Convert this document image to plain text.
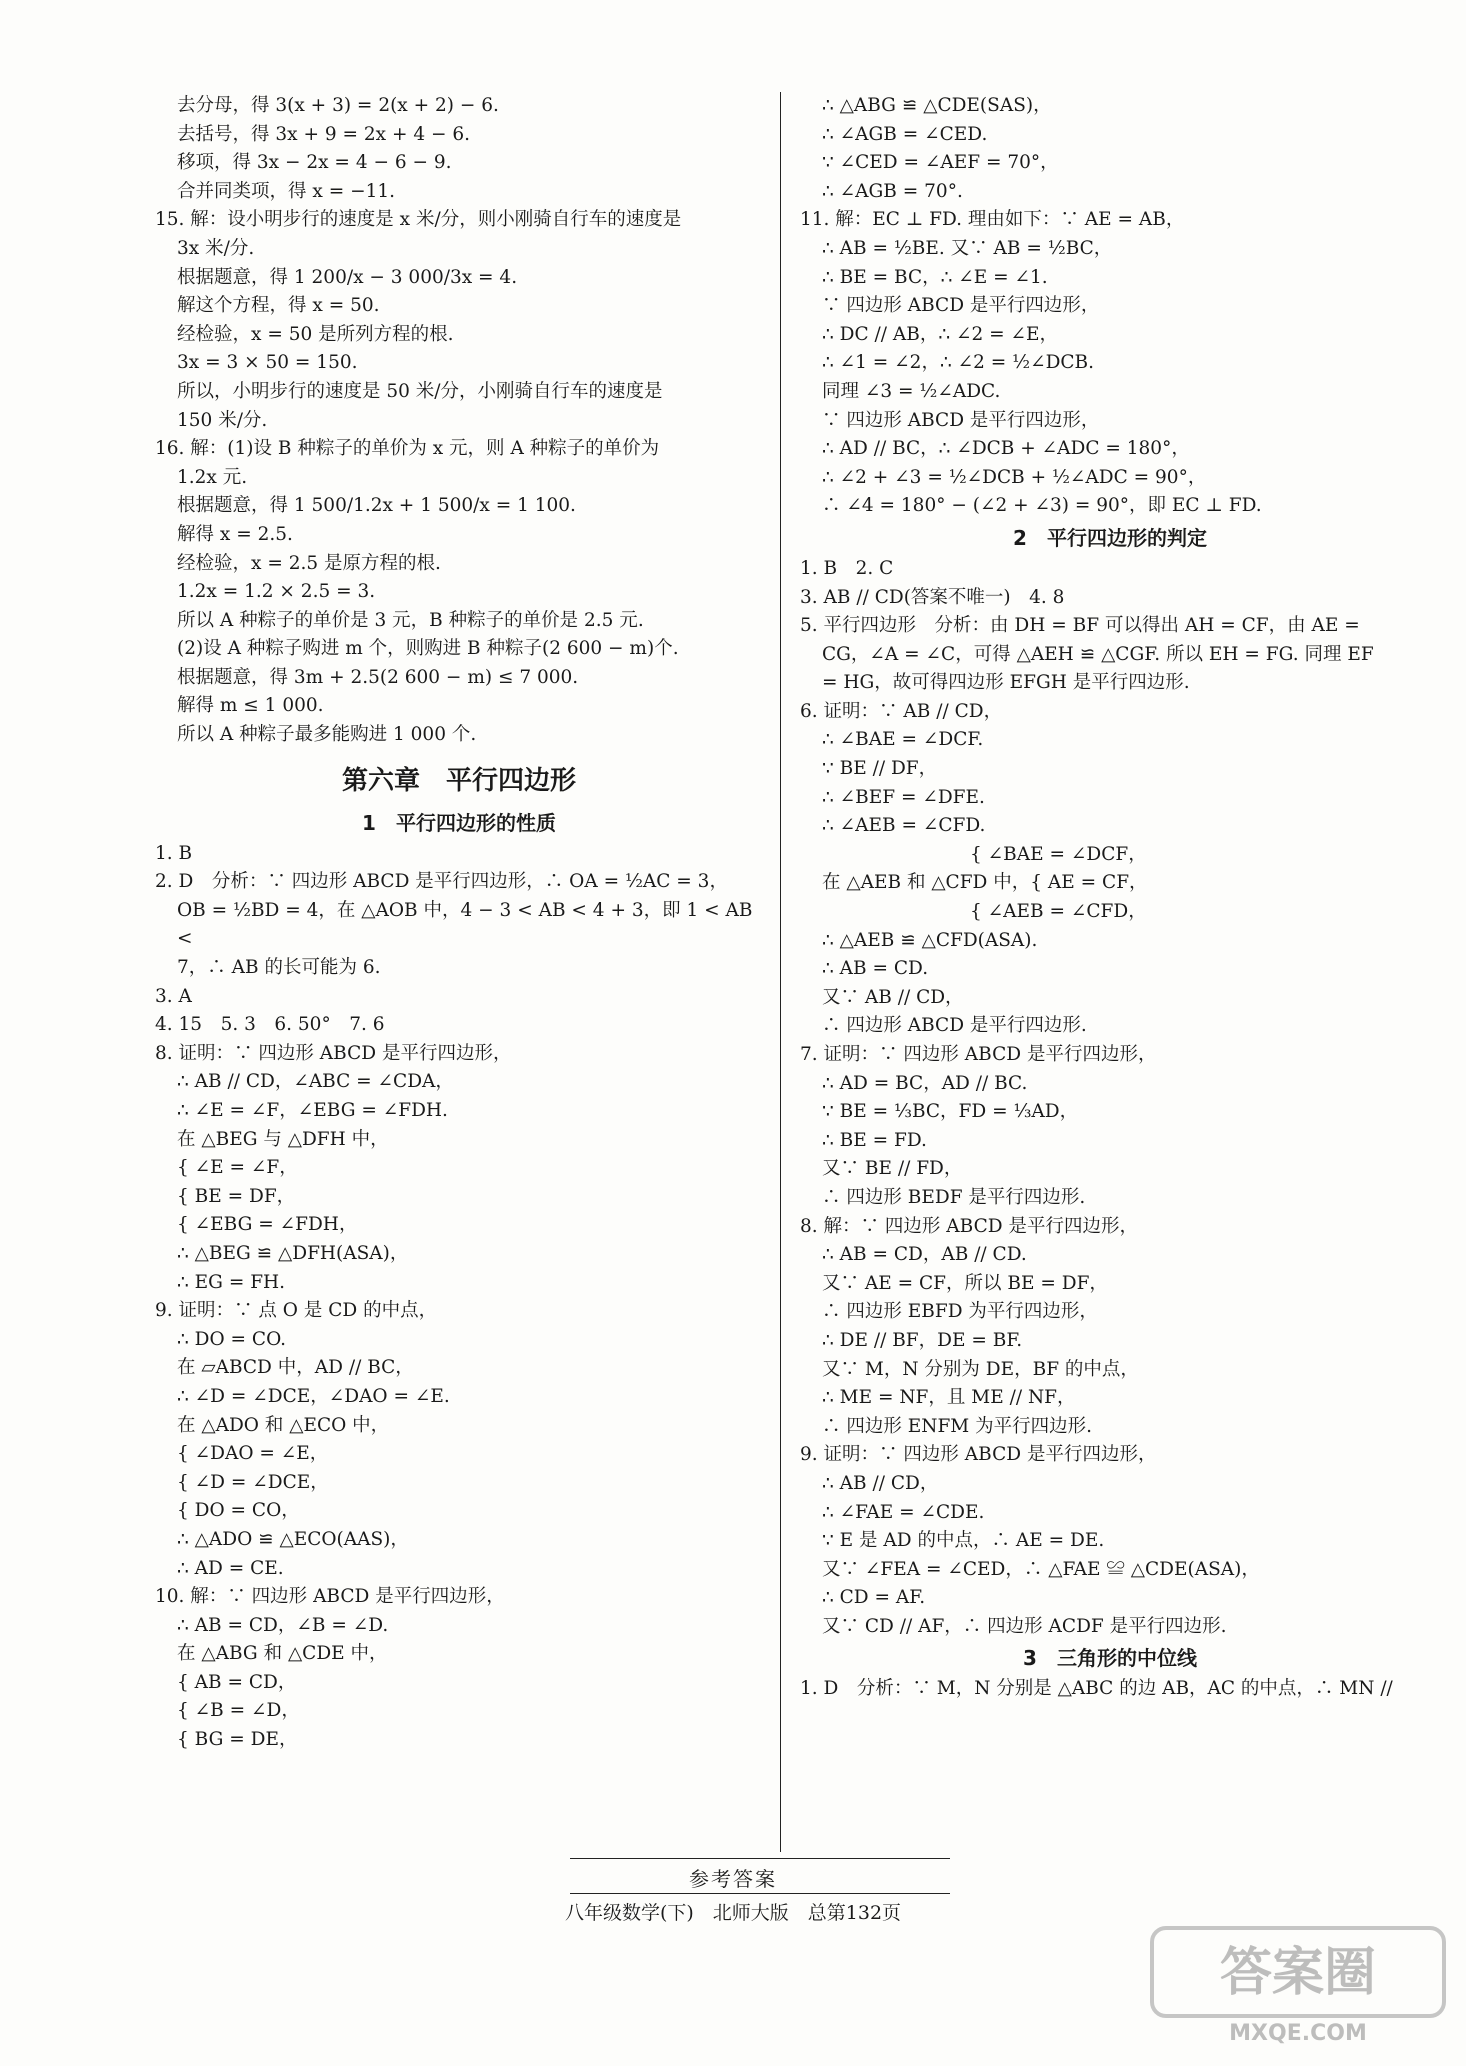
去分母，得 3(x + 3) = 2(x + 2) − 6.
去括号，得 3x + 9 = 2x + 4 − 6.
移项，得 3x − 2x = 4 − 6 − 9.
合并同类项，得 x = −11.
15. 解：设小明步行的速度是 x 米/分，则小刚骑自行车的速度是
3x 米/分.
根据题意，得 1 200/x − 3 000/3x = 4.
解这个方程，得 x = 50.
经检验，x = 50 是所列方程的根.
3x = 3 × 50 = 150.
所以，小明步行的速度是 50 米/分，小刚骑自行车的速度是
150 米/分.
16. 解：(1)设 B 种粽子的单价为 x 元，则 A 种粽子的单价为
1.2x 元.
根据题意，得 1 500/1.2x + 1 500/x = 1 100.
解得 x = 2.5.
经检验，x = 2.5 是原方程的根.
1.2x = 1.2 × 2.5 = 3.
所以 A 种粽子的单价是 3 元，B 种粽子的单价是 2.5 元.
(2)设 A 种粽子购进 m 个，则购进 B 种粽子(2 600 − m)个.
根据题意，得 3m + 2.5(2 600 − m) ≤ 7 000.
解得 m ≤ 1 000.
所以 A 种粽子最多能购进 1 000 个.
第六章　平行四边形
1　平行四边形的性质
1. B
2. D　分析：∵ 四边形 ABCD 是平行四边形，∴ OA = ½AC = 3，
OB = ½BD = 4，在 △AOB 中，4 − 3 < AB < 4 + 3，即 1 < AB <
7，∴ AB 的长可能为 6.
3. A
4. 15　5. 3　6. 50°　7. 6
8. 证明：∵ 四边形 ABCD 是平行四边形，
∴ AB // CD，∠ABC = ∠CDA，
∴ ∠E = ∠F，∠EBG = ∠FDH.
在 △BEG 与 △DFH 中，
{ ∠E = ∠F，
{ BE = DF，
{ ∠EBG = ∠FDH，
∴ △BEG ≌ △DFH(ASA)，
∴ EG = FH.
9. 证明：∵ 点 O 是 CD 的中点，
∴ DO = CO.
在 ▱ABCD 中，AD // BC，
∴ ∠D = ∠DCE，∠DAO = ∠E.
在 △ADO 和 △ECO 中，
{ ∠DAO = ∠E，
{ ∠D = ∠DCE，
{ DO = CO，
∴ △ADO ≌ △ECO(AAS)，
∴ AD = CE.
10. 解：∵ 四边形 ABCD 是平行四边形，
∴ AB = CD，∠B = ∠D.
在 △ABG 和 △CDE 中，
{ AB = CD，
{ ∠B = ∠D，
{ BG = DE，
∴ △ABG ≌ △CDE(SAS)，
∴ ∠AGB = ∠CED.
∵ ∠CED = ∠AEF = 70°，
∴ ∠AGB = 70°.
11. 解：EC ⊥ FD. 理由如下：∵ AE = AB，
∴ AB = ½BE. 又∵ AB = ½BC，
∴ BE = BC，∴ ∠E = ∠1.
∵ 四边形 ABCD 是平行四边形，
∴ DC // AB，∴ ∠2 = ∠E，
∴ ∠1 = ∠2，∴ ∠2 = ½∠DCB.
同理 ∠3 = ½∠ADC.
∵ 四边形 ABCD 是平行四边形，
∴ AD // BC，∴ ∠DCB + ∠ADC = 180°，
∴ ∠2 + ∠3 = ½∠DCB + ½∠ADC = 90°，
∴ ∠4 = 180° − (∠2 + ∠3) = 90°，即 EC ⊥ FD.
2　平行四边形的判定
1. B　2. C
3. AB // CD(答案不唯一)　4. 8
5. 平行四边形　分析：由 DH = BF 可以得出 AH = CF，由 AE =
CG，∠A = ∠C，可得 △AEH ≌ △CGF. 所以 EH = FG. 同理 EF
= HG，故可得四边形 EFGH 是平行四边形.
6. 证明：∵ AB // CD，
∴ ∠BAE = ∠DCF.
∵ BE // DF，
∴ ∠BEF = ∠DFE.
∴ ∠AEB = ∠CFD.
　　　　　　　　{ ∠BAE = ∠DCF，
在 △AEB 和 △CFD 中，{ AE = CF，
　　　　　　　　{ ∠AEB = ∠CFD，
∴ △AEB ≌ △CFD(ASA).
∴ AB = CD.
又∵ AB // CD，
∴ 四边形 ABCD 是平行四边形.
7. 证明：∵ 四边形 ABCD 是平行四边形，
∴ AD = BC，AD // BC.
∵ BE = ⅓BC，FD = ⅓AD，
∴ BE = FD.
又∵ BE // FD，
∴ 四边形 BEDF 是平行四边形.
8. 解：∵ 四边形 ABCD 是平行四边形，
∴ AB = CD，AB // CD.
又∵ AE = CF，所以 BE = DF，
∴ 四边形 EBFD 为平行四边形，
∴ DE // BF，DE = BF.
又∵ M，N 分别为 DE，BF 的中点，
∴ ME = NF，且 ME // NF，
∴ 四边形 ENFM 为平行四边形.
9. 证明：∵ 四边形 ABCD 是平行四边形，
∴ AB // CD，
∴ ∠FAE = ∠CDE.
∵ E 是 AD 的中点，∴ AE = DE.
又∵ ∠FEA = ∠CED，∴ △FAE ≌ △CDE(ASA)，
∴ CD = AF.
又∵ CD // AF，∴ 四边形 ACDF 是平行四边形.
3　三角形的中位线
1. D　分析：∵ M，N 分别是 △ABC 的边 AB，AC 的中点，∴ MN //
参考答案
八年级数学(下)　北师大版　总第132页
答案圈
MXQE.COM
